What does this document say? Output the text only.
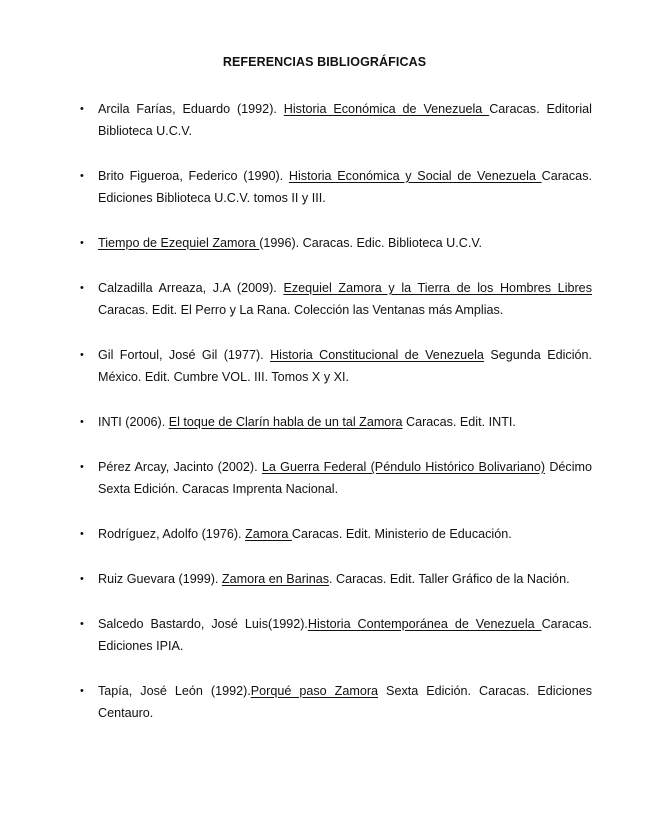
REFERENCIAS BIBLIOGRÁFICAS
• Arcila Farías, Eduardo (1992). Historia Económica de Venezuela Caracas. Editorial Biblioteca U.C.V.
• Brito Figueroa, Federico (1990). Historia Económica y Social de Venezuela Caracas. Ediciones Biblioteca U.C.V. tomos II y III.
• Tiempo de Ezequiel Zamora (1996). Caracas. Edic. Biblioteca U.C.V.
• Calzadilla Arreaza, J.A (2009). Ezequiel Zamora y la Tierra de los Hombres Libres Caracas. Edit. El Perro y La Rana. Colección las Ventanas más Amplias.
• Gil Fortoul, José Gil (1977). Historia Constitucional de Venezuela Segunda Edición. México. Edit. Cumbre VOL. III. Tomos X y XI.
• INTI (2006). El toque de Clarín habla de un tal Zamora Caracas. Edit. INTI.
• Pérez Arcay, Jacinto (2002). La Guerra Federal (Péndulo Histórico Bolivariano) Décimo Sexta Edición. Caracas Imprenta Nacional.
• Rodríguez, Adolfo (1976). Zamora Caracas. Edit. Ministerio de Educación.
• Ruiz Guevara (1999). Zamora en Barinas. Caracas. Edit. Taller Gráfico de la Nación.
• Salcedo Bastardo, José Luis(1992).Historia Contemporánea de Venezuela Caracas. Ediciones IPIA.
• Tapía, José León (1992).Porqué paso Zamora Sexta Edición. Caracas. Ediciones Centauro.
